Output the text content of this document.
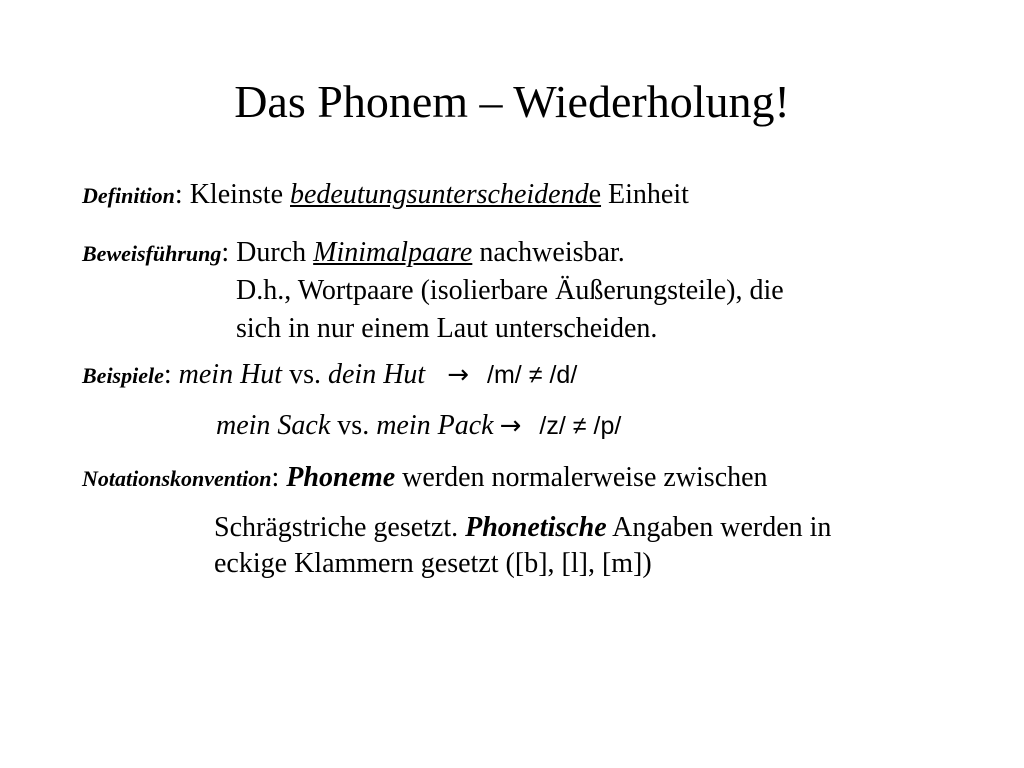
Das Phonem – Wiederholung!
Definition: Kleinste bedeutungsunterscheidende Einheit
Beweisführung: Durch Minimalpaare nachweisbar.
D.h., Wortpaare (isolierbare Äußerungsteile), die
sich in nur einem Laut unterscheiden.
Beispiele: mein Hut vs. dein Hut → /m/ ≠ /d/
mein Sack vs. mein Pack → /z/ ≠ /p/
Notationskonvention: Phoneme werden normalerweise zwischen
Schrägstriche gesetzt. Phonetische Angaben werden in
eckige Klammern gesetzt ([b], [l], [m])
